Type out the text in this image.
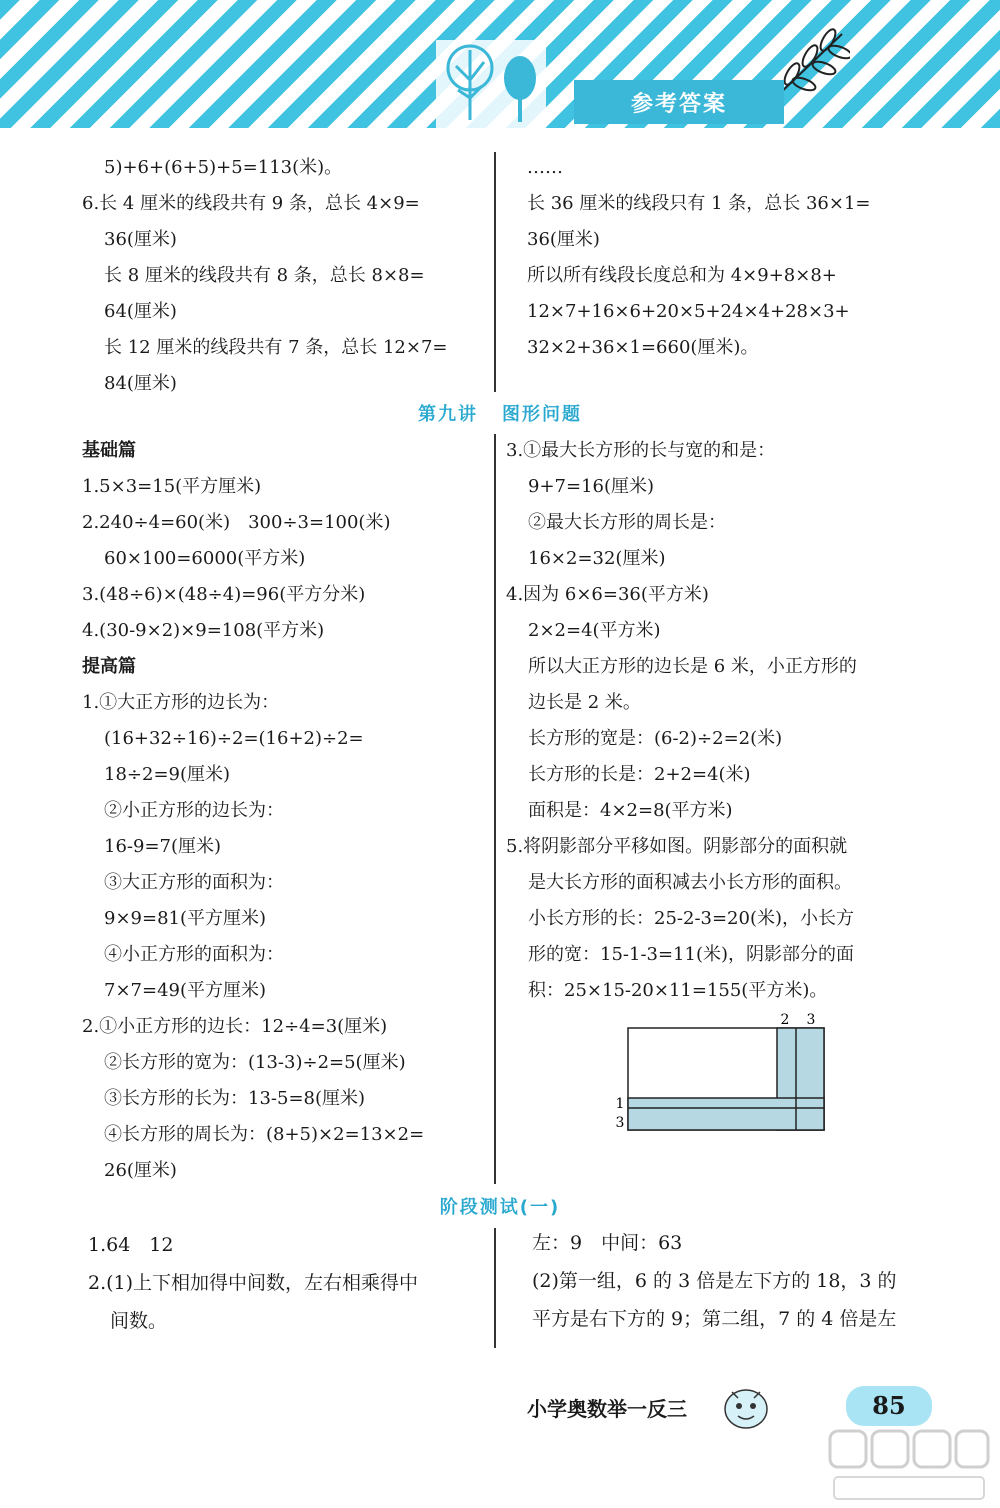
参考答案
5)+6+(6+5)+5=113(米)。
6.长 4 厘米的线段共有 9 条，总长 4×9=
36(厘米)
长 8 厘米的线段共有 8 条，总长 8×8=
64(厘米)
长 12 厘米的线段共有 7 条，总长 12×7=
84(厘米)
……
长 36 厘米的线段只有 1 条，总长 36×1=
36(厘米)
所以所有线段长度总和为 4×9+8×8+
12×7+16×6+20×5+24×4+28×3+
32×2+36×1=660(厘米)。
第九讲 图形问题
基础篇
1.5×3=15(平方厘米)
2.240÷4=60(米)　300÷3=100(米)
60×100=6000(平方米)
3.(48÷6)×(48÷4)=96(平方分米)
4.(30-9×2)×9=108(平方米)
提高篇
1.①大正方形的边长为：
(16+32÷16)÷2=(16+2)÷2=
18÷2=9(厘米)
②小正方形的边长为：
16-9=7(厘米)
③大正方形的面积为：
9×9=81(平方厘米)
④小正方形的面积为：
7×7=49(平方厘米)
2.①小正方形的边长：12÷4=3(厘米)
②长方形的宽为：(13-3)÷2=5(厘米)
③长方形的长为：13-5=8(厘米)
④长方形的周长为：(8+5)×2=13×2=
26(厘米)
3.①最大长方形的长与宽的和是：
9+7=16(厘米)
②最大长方形的周长是：
16×2=32(厘米)
4.因为 6×6=36(平方米)
2×2=4(平方米)
所以大正方形的边长是 6 米，小正方形的
边长是 2 米。
长方形的宽是：(6-2)÷2=2(米)
长方形的长是：2+2=4(米)
面积是：4×2=8(平方米)
5.将阴影部分平移如图。阴影部分的面积就
是大长方形的面积减去小长方形的面积。
小长方形的长：25-2-3=20(米)，小长方
形的宽：15-1-3=11(米)，阴影部分的面
积：25×15-20×11=155(平方米)。
2 3
1
3
阶段测试(一)
1.64　12
2.(1)上下相加得中间数，左右相乘得中
间数。
左：9　中间：63
(2)第一组，6 的 3 倍是左下方的 18，3 的
平方是右下方的 9；第二组，7 的 4 倍是左
小学奥数举一反三	85
